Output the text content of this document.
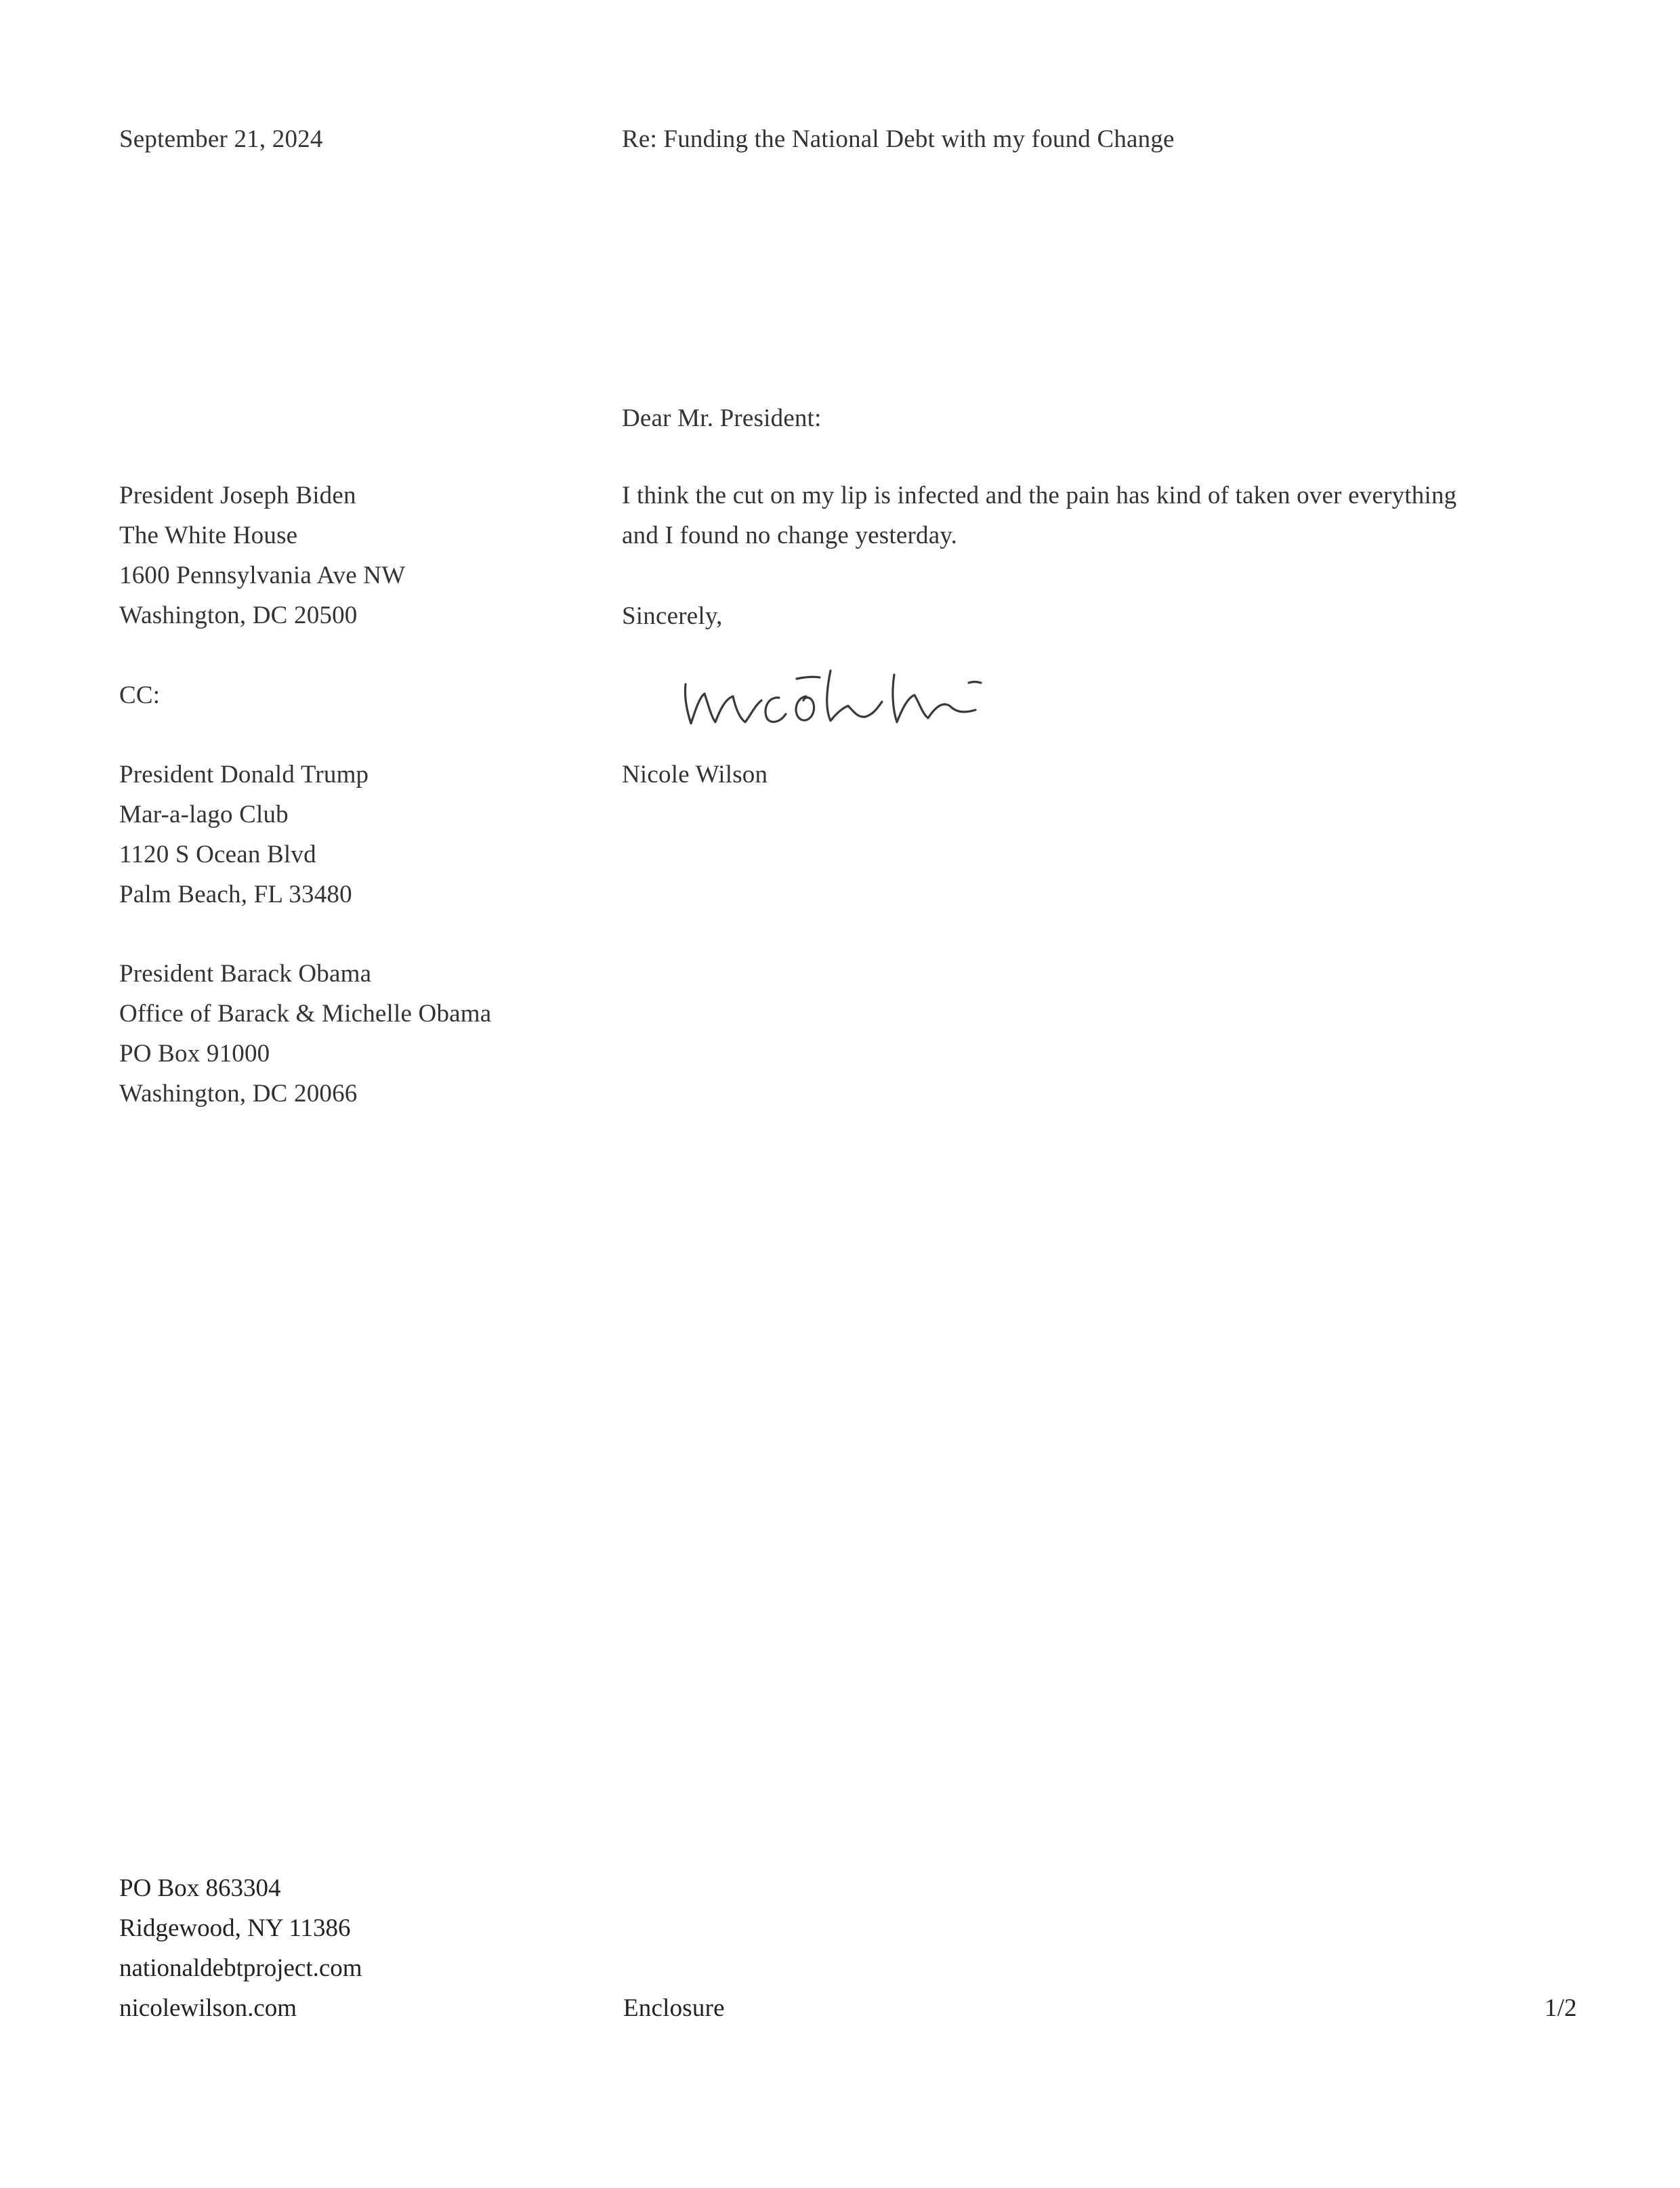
September 21, 2024	Re: Funding the National Debt with my found Change
Dear Mr. President:
President Joseph Biden
The White House
1600 Pennsylvania Ave NW
Washington, DC 20500
I think the cut on my lip is infected and the pain has kind of taken over everything
and I found no change yesterday.
Sincerely,
Nicole Wilson
CC:
President Donald Trump
Mar-a-lago Club
1120 S Ocean Blvd
Palm Beach, FL 33480
President Barack Obama
Office of Barack & Michelle Obama
PO Box 91000
Washington, DC 20066
PO Box 863304
Ridgewood, NY 11386
nationaldebtproject.com
nicolewilson.com	Enclosure	1/2
